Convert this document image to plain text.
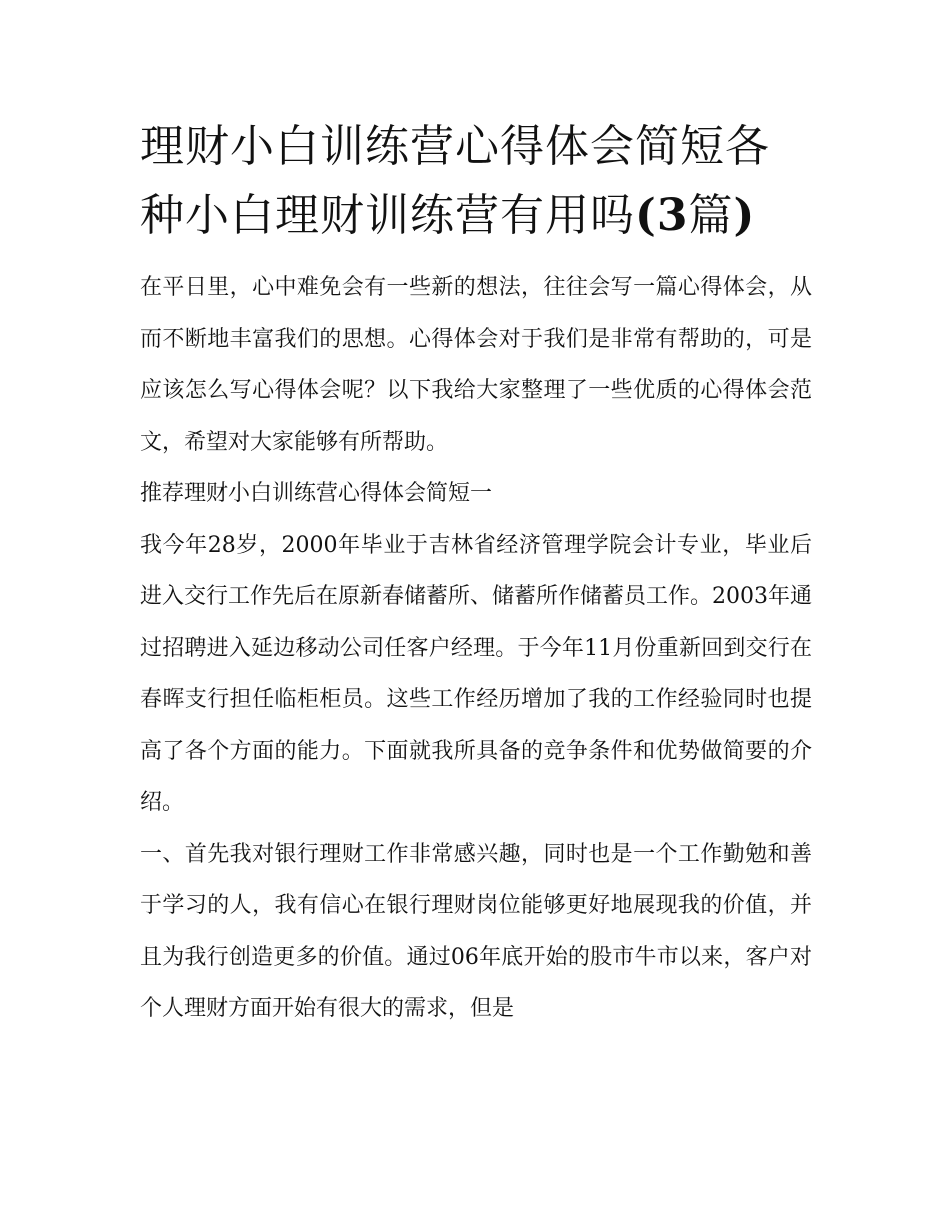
理财小白训练营心得体会简短各种小白理财训练营有用吗(3篇)

在平日里，心中难免会有一些新的想法，往往会写一篇心得体会，从而不断地丰富我们的思想。心得体会对于我们是非常有帮助的，可是应该怎么写心得体会呢？以下我给大家整理了一些优质的心得体会范文，希望对大家能够有所帮助。

推荐理财小白训练营心得体会简短一

我今年28岁，2000年毕业于吉林省经济管理学院会计专业，毕业后进入交行工作先后在原新春储蓄所、储蓄所作储蓄员工作。2003年通过招聘进入延边移动公司任客户经理。于今年11月份重新回到交行在春晖支行担任临柜柜员。这些工作经历增加了我的工作经验同时也提高了各个方面的能力。下面就我所具备的竞争条件和优势做简要的介绍。

一、首先我对银行理财工作非常感兴趣，同时也是一个工作勤勉和善于学习的人，我有信心在银行理财岗位能够更好地展现我的价值，并且为我行创造更多的价值。通过06年底开始的股市牛市以来，客户对个人理财方面开始有很大的需求，但是
